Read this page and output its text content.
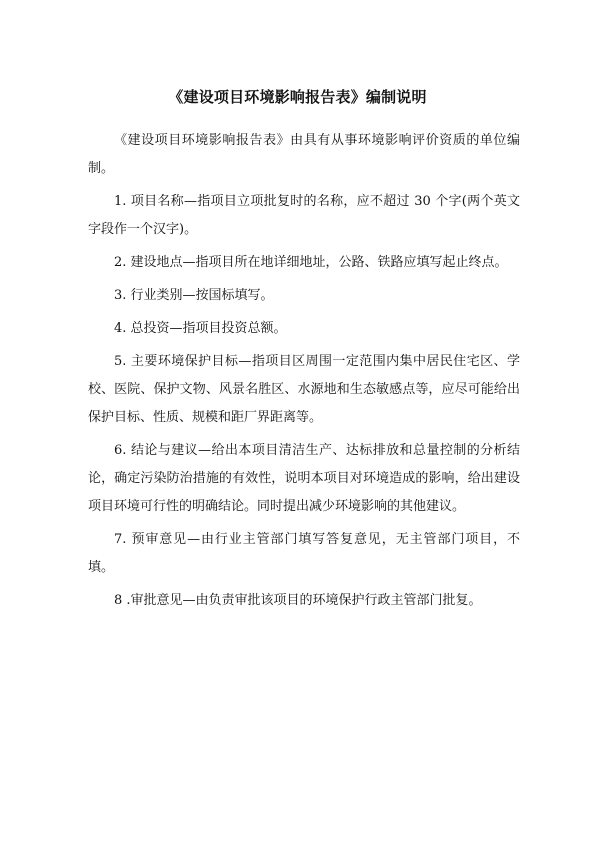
《建设项目环境影响报告表》编制说明

《建设项目环境影响报告表》由具有从事环境影响评价资质的单位编制。

1. 项目名称—指项目立项批复时的名称，应不超过 30 个字(两个英文字段作一个汉字)。

2. 建设地点—指项目所在地详细地址，公路、铁路应填写起止终点。

3. 行业类别—按国标填写。

4. 总投资—指项目投资总额。

5. 主要环境保护目标—指项目区周围一定范围内集中居民住宅区、学校、医院、保护文物、风景名胜区、水源地和生态敏感点等，应尽可能给出保护目标、性质、规模和距厂界距离等。

6. 结论与建议—给出本项目清洁生产、达标排放和总量控制的分析结论，确定污染防治措施的有效性，说明本项目对环境造成的影响，给出建设项目环境可行性的明确结论。同时提出减少环境影响的其他建议。

7. 预审意见—由行业主管部门填写答复意见，无主管部门项目，不填。

8 .审批意见—由负责审批该项目的环境保护行政主管部门批复。
